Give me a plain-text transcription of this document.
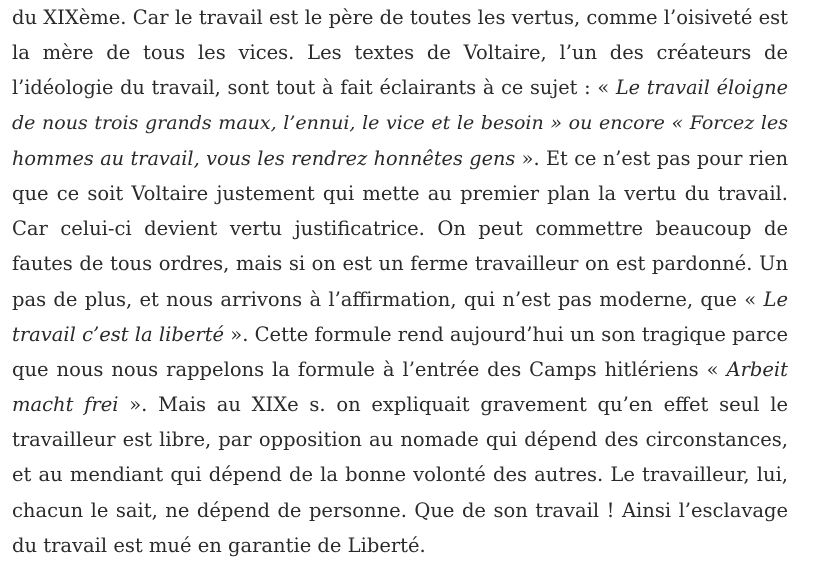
du XIXème. Car le travail est le père de toutes les vertus, comme l’oisiveté est
la mère de tous les vices. Les textes de Voltaire, l’un des créateurs de
l’idéologie du travail, sont tout à fait éclairants à ce sujet : « Le travail éloigne
de nous trois grands maux, l’ennui, le vice et le besoin » ou encore « Forcez les
hommes au travail, vous les rendrez honnêtes gens ». Et ce n’est pas pour rien
que ce soit Voltaire justement qui mette au premier plan la vertu du travail.
Car celui-ci devient vertu justificatrice. On peut commettre beaucoup de
fautes de tous ordres, mais si on est un ferme travailleur on est pardonné. Un
pas de plus, et nous arrivons à l’affirmation, qui n’est pas moderne, que « Le
travail c’est la liberté ». Cette formule rend aujourd’hui un son tragique parce
que nous nous rappelons la formule à l’entrée des Camps hitlériens « Arbeit
macht frei ». Mais au XIXe s. on expliquait gravement qu’en effet seul le
travailleur est libre, par opposition au nomade qui dépend des circonstances,
et au mendiant qui dépend de la bonne volonté des autres. Le travailleur, lui,
chacun le sait, ne dépend de personne. Que de son travail ! Ainsi l’esclavage
du travail est mué en garantie de Liberté.
